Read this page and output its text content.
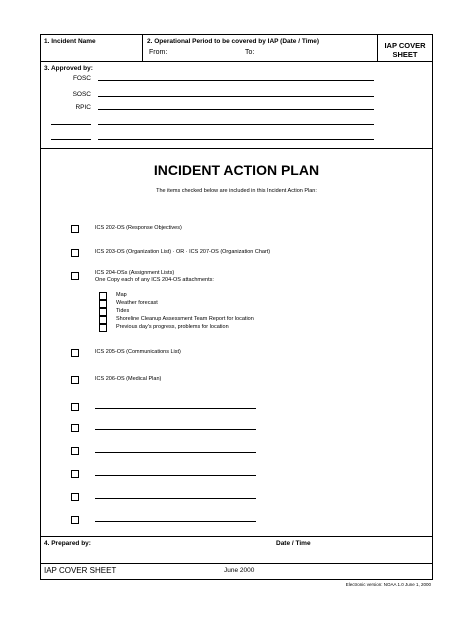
1. Incident Name	2. Operational Period to be covered by IAP (Date / Time)
From:	To:
IAP COVER
SHEET
3. Approved by:
FOSC
SOSC
RPIC
INCIDENT ACTION PLAN
The items checked below are included in this Incident Action Plan:
ICS 202-OS (Response Objectives)
ICS 203-OS (Organization List) · OR · ICS 207-OS (Organization Chart)
ICS 204-OSs (Assignment Lists)
One Copy each of any ICS 204-OS attachments:
Map
Weather forecast
Tides
Shoreline Cleanup Assessment Team Report for location
Previous day's progress, problems for location
ICS 205-OS (Communications List)
ICS 206-OS (Medical Plan)
4. Prepared by:	Date / Time
IAP COVER SHEET	June 2000
Electronic version: NOAA 1.0 June 1, 2000
